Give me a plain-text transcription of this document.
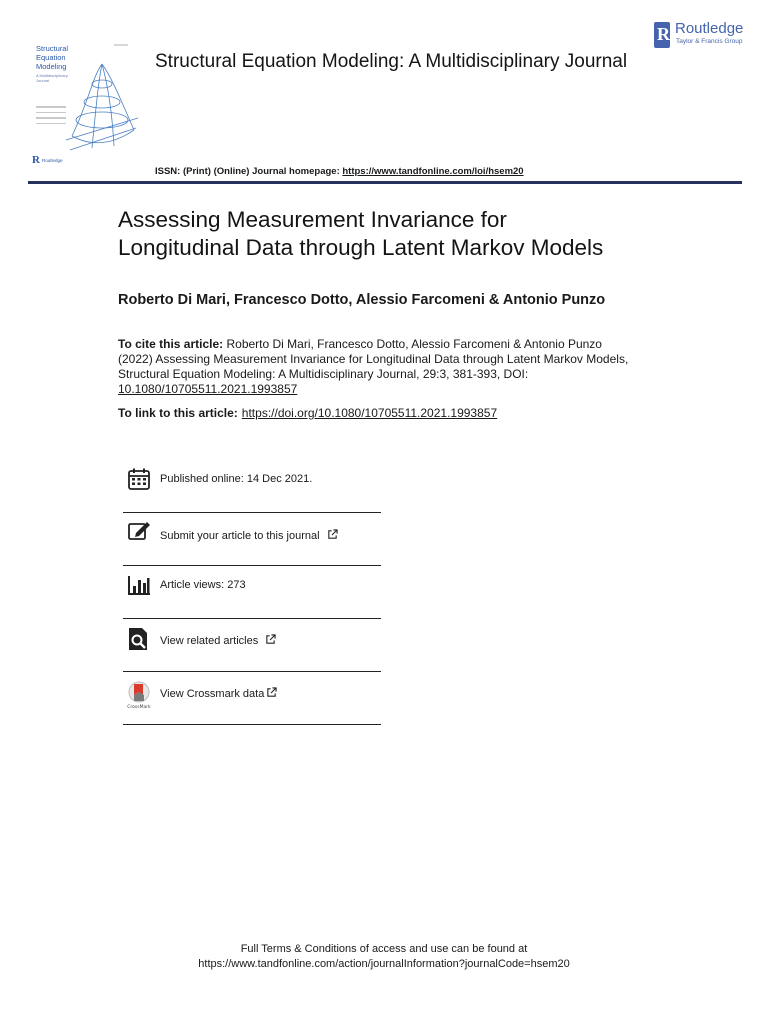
Structural Equation Modeling
A Multidisciplinary Journal
R Routledge
Structural Equation Modeling: A Multidisciplinary Journal
R Routledge
Taylor & Francis Group
ISSN: (Print) (Online) Journal homepage: https://www.tandfonline.com/loi/hsem20
Assessing Measurement Invariance for
Longitudinal Data through Latent Markov Models
Roberto Di Mari, Francesco Dotto, Alessio Farcomeni & Antonio Punzo
To cite this article: Roberto Di Mari, Francesco Dotto, Alessio Farcomeni & Antonio Punzo (2022) Assessing Measurement Invariance for Longitudinal Data through Latent Markov Models, Structural Equation Modeling: A Multidisciplinary Journal, 29:3, 381-393, DOI: 10.1080/10705511.2021.1993857
To link to this article: https://doi.org/10.1080/10705511.2021.1993857
Published online: 14 Dec 2021.
Submit your article to this journal
Article views: 273
View related articles
CrossMark
View Crossmark data
Full Terms & Conditions of access and use can be found at
https://www.tandfonline.com/action/journalInformation?journalCode=hsem20
